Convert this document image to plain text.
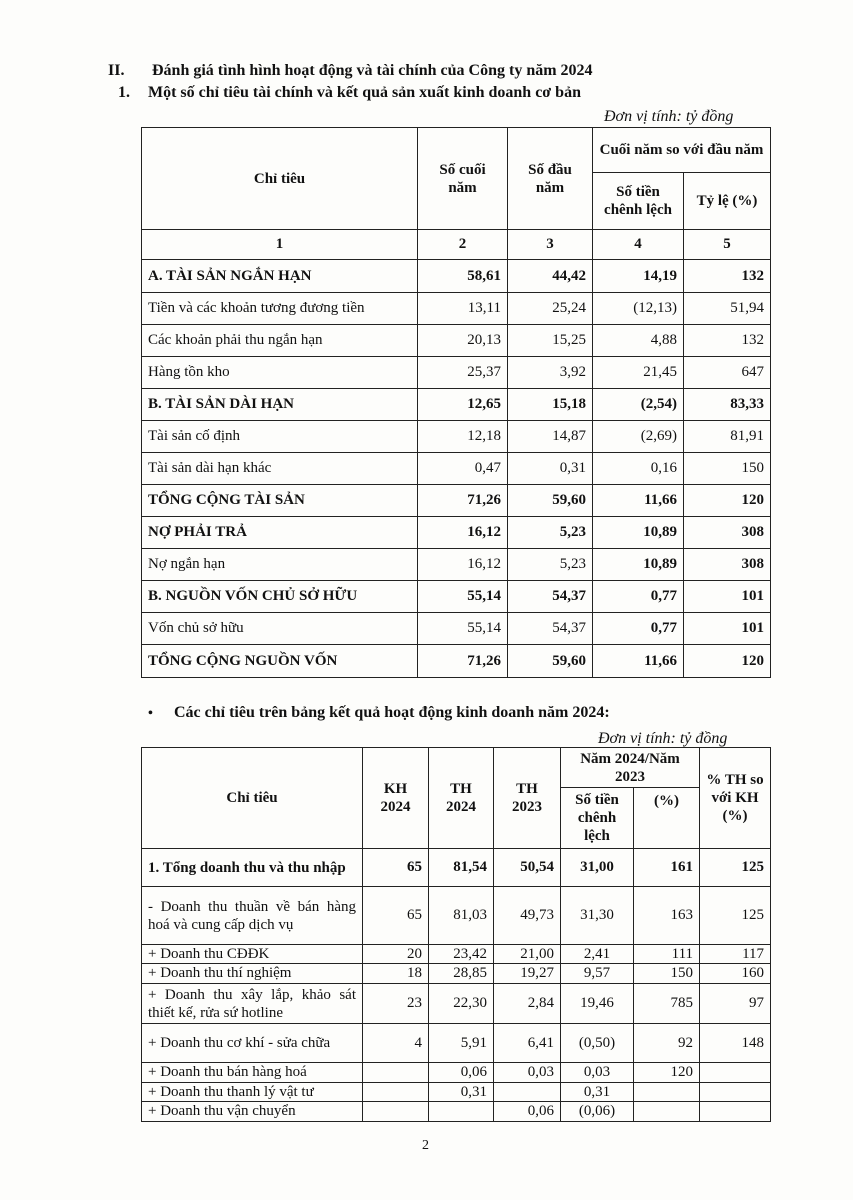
II. Đánh giá tình hình hoạt động và tài chính của Công ty năm 2024
1. Một số chỉ tiêu tài chính và kết quả sản xuất kinh doanh cơ bản
Đơn vị tính: tỷ đồng
Chỉ tiêu	Số cuối năm	Số đầu năm	Cuối năm so với đầu năm	
			Số tiền chênh lệch	Tỷ lệ (%)
1	2	3	4	5
A. TÀI SẢN NGẮN HẠN	58,61	44,42	14,19	132
Tiền và các khoản tương đương tiền	13,11	25,24	(12,13)	51,94
Các khoản phải thu ngắn hạn	20,13	15,25	4,88	132
Hàng tồn kho	25,37	3,92	21,45	647
B. TÀI SẢN DÀI HẠN	12,65	15,18	(2,54)	83,33
Tài sản cố định	12,18	14,87	(2,69)	81,91
Tài sản dài hạn khác	0,47	0,31	0,16	150
TỔNG CỘNG TÀI SẢN	71,26	59,60	11,66	120
NỢ PHẢI TRẢ	16,12	5,23	10,89	308
Nợ ngắn hạn	16,12	5,23	10,89	308
B. NGUỒN VỐN CHỦ SỞ HỮU	55,14	54,37	0,77	101
Vốn chủ sở hữu	55,14	54,37	0,77	101
TỔNG CỘNG NGUỒN VỐN	71,26	59,60	11,66	120
• Các chỉ tiêu trên bảng kết quả hoạt động kinh doanh năm 2024:
Đơn vị tính: tỷ đồng
Chỉ tiêu	KH 2024	TH 2024	TH 2023	Năm 2024/Năm 2023		% TH so với KH (%)
				Số tiền chênh lệch	(%)	
1. Tổng doanh thu và thu nhập	65	81,54	50,54	31,00	161	125
- Doanh thu thuần về bán hàng hoá và cung cấp dịch vụ	65	81,03	49,73	31,30	163	125
+ Doanh thu CĐĐK	20	23,42	21,00	2,41	111	117
+ Doanh thu thí nghiệm	18	28,85	19,27	9,57	150	160
+ Doanh thu xây lắp, khảo sát thiết kế, rửa sứ hotline	23	22,30	2,84	19,46	785	97
+ Doanh thu cơ khí - sửa chữa	4	5,91	6,41	(0,50)	92	148
+ Doanh thu bán hàng hoá		0,06	0,03	0,03	120	
+ Doanh thu thanh lý vật tư		0,31		0,31		
+ Doanh thu vận chuyển			0,06	(0,06)		
2
